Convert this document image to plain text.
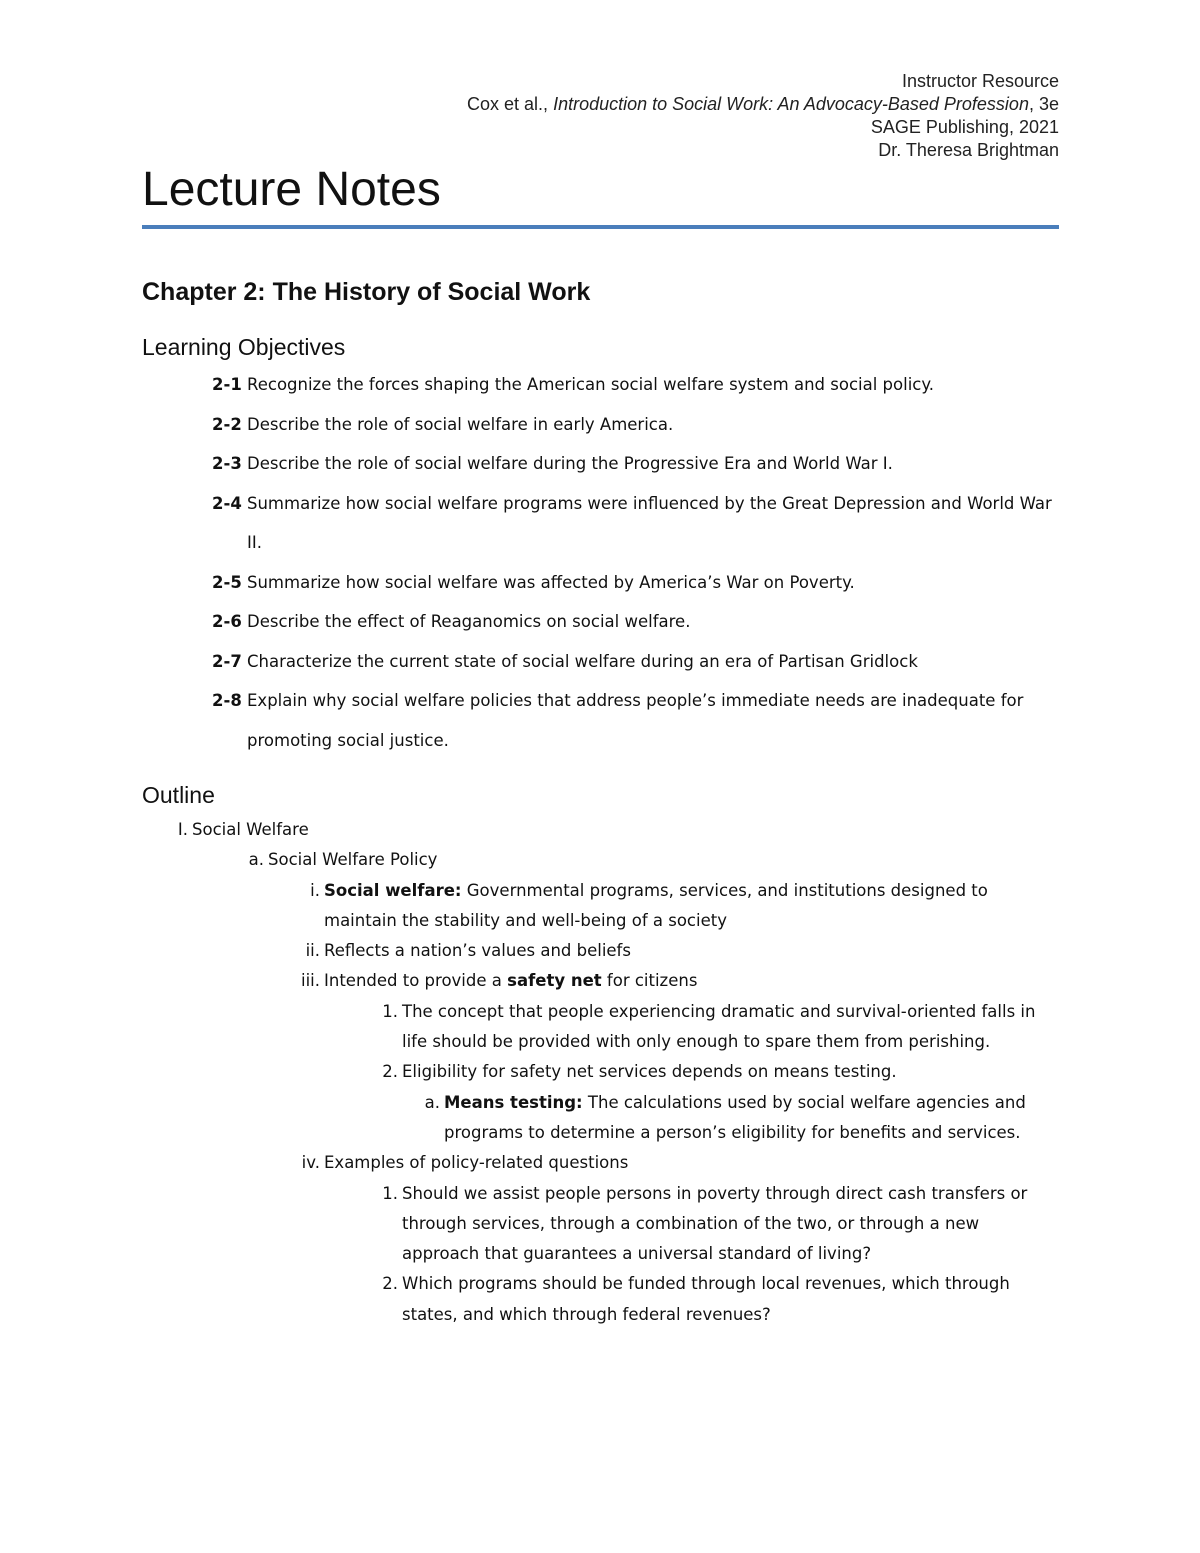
Instructor Resource
Cox et al., Introduction to Social Work: An Advocacy-Based Profession, 3e
SAGE Publishing, 2021
Dr. Theresa Brightman
Lecture Notes
Chapter 2: The History of Social Work
Learning Objectives
2-1 Recognize the forces shaping the American social welfare system and social policy.
2-2 Describe the role of social welfare in early America.
2-3 Describe the role of social welfare during the Progressive Era and World War I.
2-4 Summarize how social welfare programs were influenced by the Great Depression and World War II.
2-5 Summarize how social welfare was affected by America’s War on Poverty.
2-6 Describe the effect of Reaganomics on social welfare.
2-7 Characterize the current state of social welfare during an era of Partisan Gridlock
2-8 Explain why social welfare policies that address people’s immediate needs are inadequate for promoting social justice.
Outline
I. Social Welfare
a. Social Welfare Policy
i. Social welfare: Governmental programs, services, and institutions designed to maintain the stability and well-being of a society
ii. Reflects a nation’s values and beliefs
iii. Intended to provide a safety net for citizens
1. The concept that people experiencing dramatic and survival-oriented falls in life should be provided with only enough to spare them from perishing.
2. Eligibility for safety net services depends on means testing.
a. Means testing: The calculations used by social welfare agencies and programs to determine a person’s eligibility for benefits and services.
iv. Examples of policy-related questions
1. Should we assist people persons in poverty through direct cash transfers or through services, through a combination of the two, or through a new approach that guarantees a universal standard of living?
2. Which programs should be funded through local revenues, which through states, and which through federal revenues?
